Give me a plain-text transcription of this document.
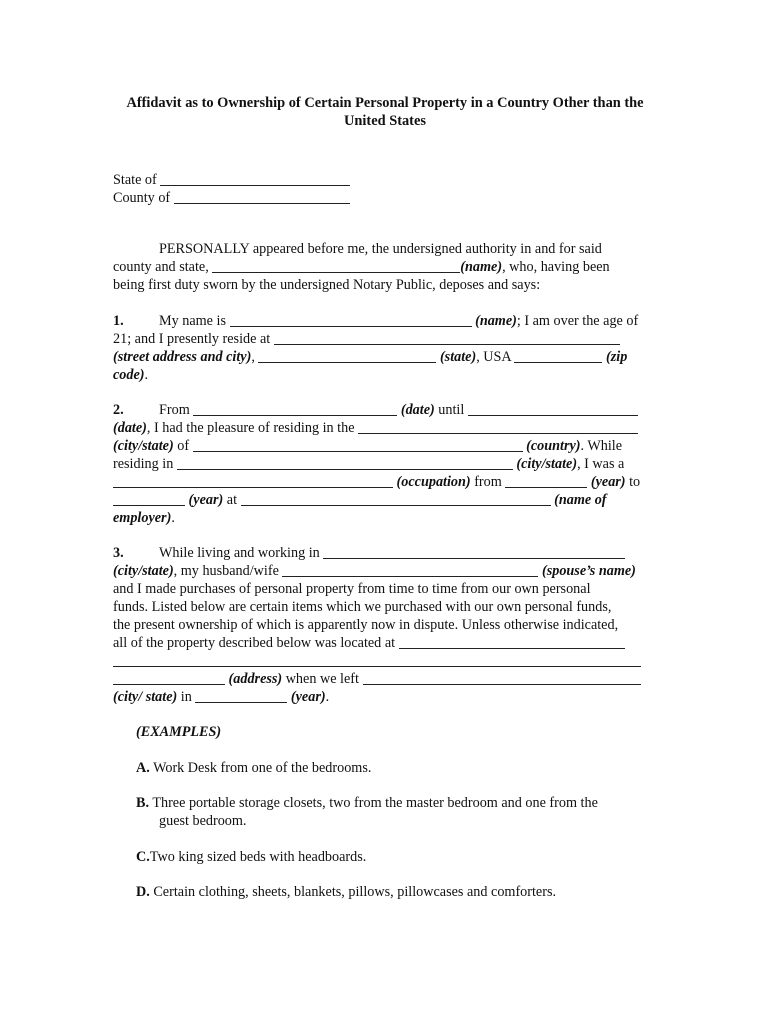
Affidavit as to Ownership of Certain Personal Property in a Country Other than the
United States
State of
County of
PERSONALLY appeared before me, the undersigned authority in and for said
county and state,	(name), who, having been
being first duty sworn by the undersigned Notary Public, deposes and says:
1. My name is	(name); I am over the age of
21; and I presently reside at
(street address and city),	(state), USA	(zip
code).
2. From	(date) until
(date), I had the pleasure of residing in the
(city/state) of	(country). While
residing in	(city/state), I was a
(occupation) from	(year) to
(year) at	(name of
employer).
3. While living and working in
(city/state), my husband/wife	(spouse’s name)
and I made purchases of personal property from time to time from our own personal
funds. Listed below are certain items which we purchased with our own personal funds,
the present ownership of which is apparently now in dispute. Unless otherwise indicated,
all of the property described below was located at
(address) when we left
(city/ state) in	(year).
(EXAMPLES)
A. Work Desk from one of the bedrooms.
B. Three portable storage closets, two from the master bedroom and one from the
guest bedroom.
C.Two king sized beds with headboards.
D. Certain clothing, sheets, blankets, pillows, pillowcases and comforters.
